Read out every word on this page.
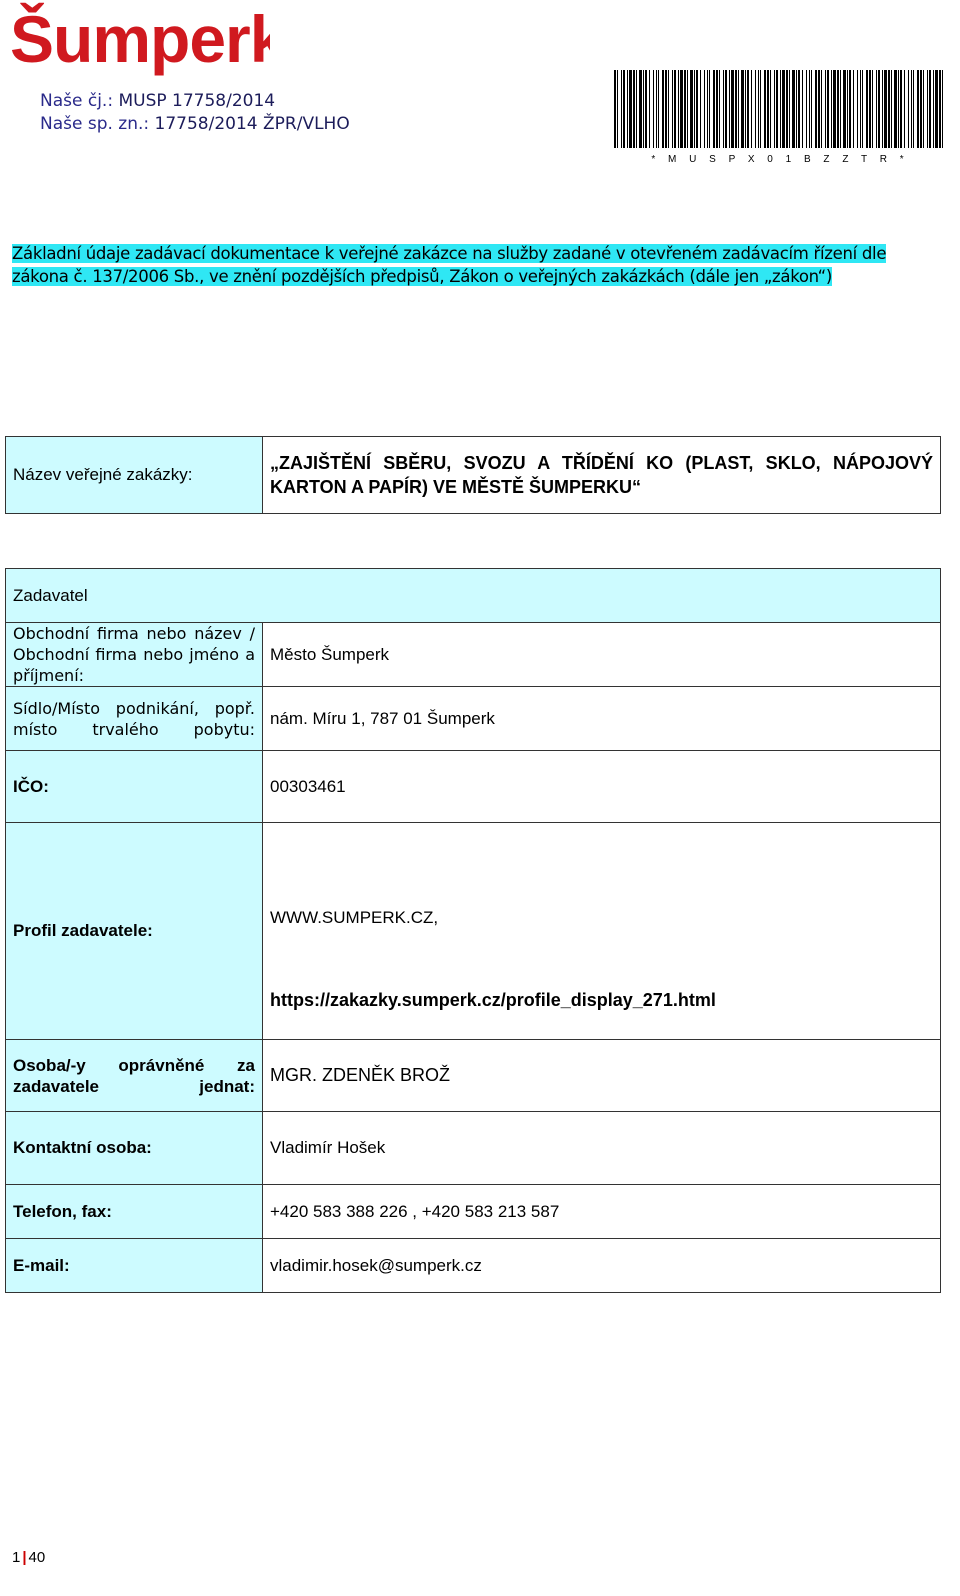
Šumperk
Naše čj.: MUSP 17758/2014
Naše sp. zn.: 17758/2014 ŽPR/VLHO
* M U S P X 0 1 B Z Z T R *
Základní údaje zadávací dokumentace k veřejné zakázce na služby zadané v otevřeném zadávacím řízení dle
zákona č. 137/2006 Sb., ve znění pozdějších předpisů, Zákon o veřejných zakázkách (dále jen „zákon“)
Název veřejné zakázky:	„ZAJIŠTĚNÍ SBĚRU, SVOZU A TŘÍDĚNÍ KO (PLAST, SKLO, NÁPOJOVÝ KARTON A PAPÍR) VE MĚSTĚ ŠUMPERKU“
Zadavatel	
Obchodní firma nebo název / Obchodní firma nebo jméno a příjmení:	Město Šumperk
Sídlo/Místo podnikání, popř. místo trvalého pobytu:	nám. Míru 1, 787 01 Šumperk
IČO:	00303461
Profil zadavatele:	WWW.SUMPERK.CZ,
https://zakazky.sumperk.cz/profile_display_271.html

Osoba/-y oprávněné za zadavatele jednat:	MGR. ZDENĚK BROŽ
Kontaktní osoba:	Vladimír Hošek
Telefon, fax:	+420 583 388 226 , +420 583 213 587
E-mail:	vladimir.hosek@sumperk.cz
1 | 40
